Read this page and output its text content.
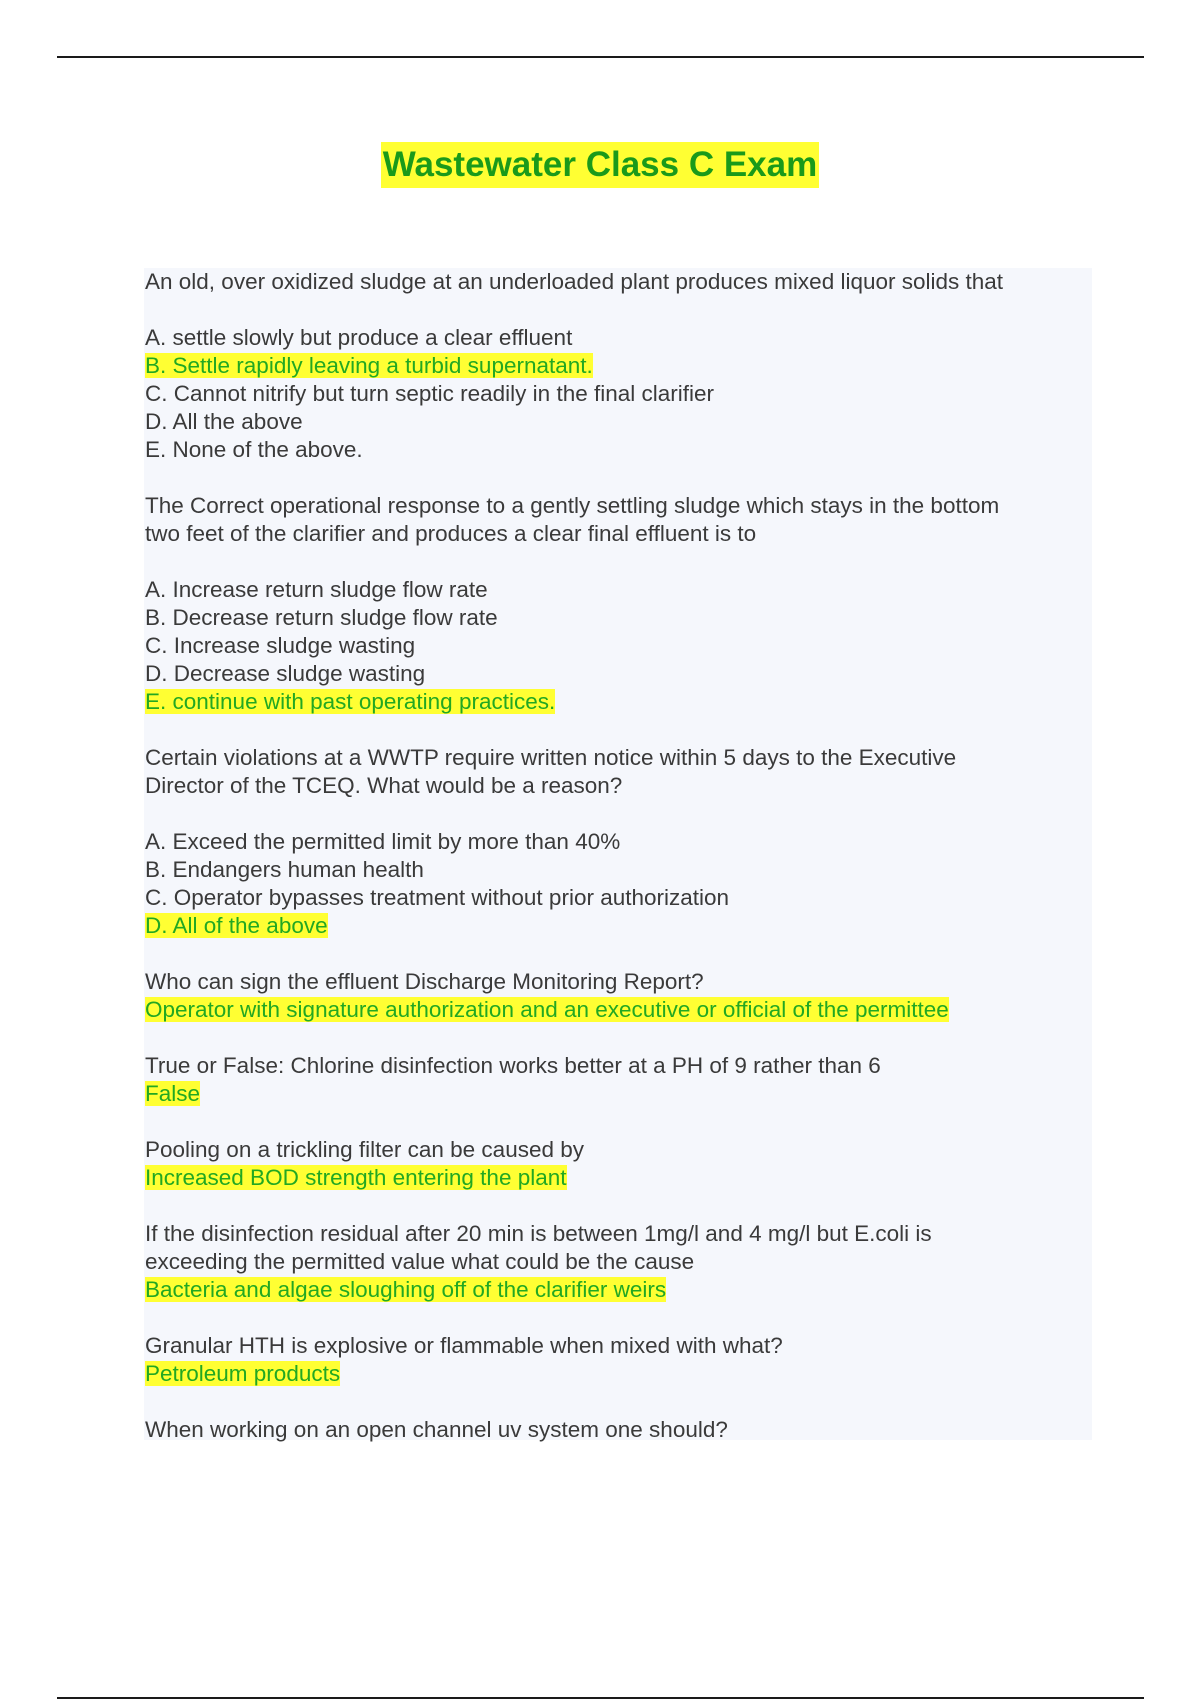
Wastewater Class C Exam
An old, over oxidized sludge at an underloaded plant produces mixed liquor solids that
A. settle slowly but produce a clear effluent
B. Settle rapidly leaving a turbid supernatant.
C. Cannot nitrify but turn septic readily in the final clarifier
D. All the above
E. None of the above.
The Correct operational response to a gently settling sludge which stays in the bottom
two feet of the clarifier and produces a clear final effluent is to
A. Increase return sludge flow rate
B. Decrease return sludge flow rate
C. Increase sludge wasting
D. Decrease sludge wasting
E. continue with past operating practices.
Certain violations at a WWTP require written notice within 5 days to the Executive
Director of the TCEQ. What would be a reason?
A. Exceed the permitted limit by more than 40%
B. Endangers human health
C. Operator bypasses treatment without prior authorization
D. All of the above
Who can sign the effluent Discharge Monitoring Report?
Operator with signature authorization and an executive or official of the permittee
True or False: Chlorine disinfection works better at a PH of 9 rather than 6
False
Pooling on a trickling filter can be caused by
Increased BOD strength entering the plant
If the disinfection residual after 20 min is between 1mg/l and 4 mg/l but E.coli is
exceeding the permitted value what could be the cause
Bacteria and algae sloughing off of the clarifier weirs
Granular HTH is explosive or flammable when mixed with what?
Petroleum products
When working on an open channel uv system one should?
